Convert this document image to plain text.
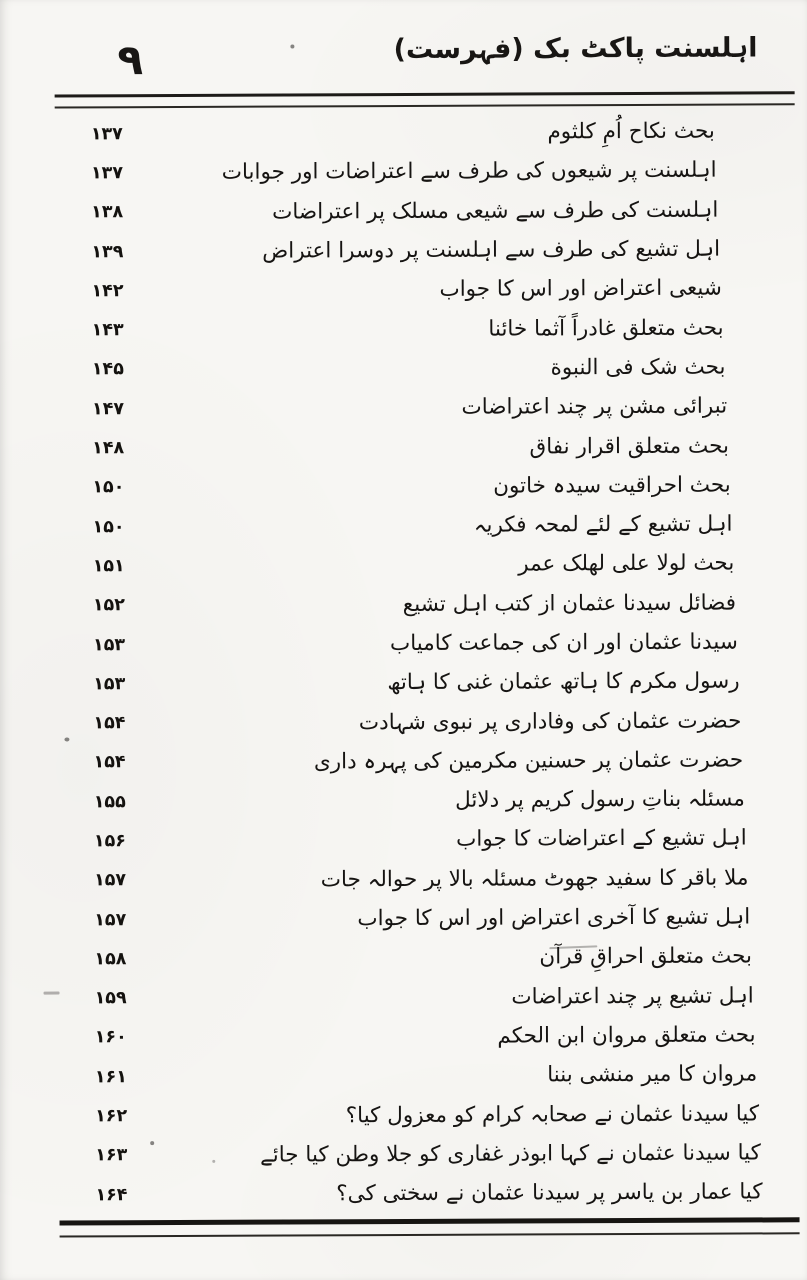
اہلسنت پاکٹ بک (فہرست)
۹
۱۳۷	بحث نکاح اُمِ کلثوم
۱۳۷	اہلسنت پر شیعوں کی طرف سے اعتراضات اور جوابات
۱۳۸	اہلسنت کی طرف سے شیعی مسلک پر اعتراضات
۱۳۹	اہل تشیع کی طرف سے اہلسنت پر دوسرا اعتراض
۱۴۲	شیعی اعتراض اور اس کا جواب
۱۴۳	بحث متعلق غادراً آثما خائنا
۱۴۵	بحث شک فی النبوة
۱۴۷	تبرائی مشن پر چند اعتراضات
۱۴۸	بحث متعلق اقرار نفاق
۱۵۰	بحث احراقیت سیدہ خاتون
۱۵۰	اہل تشیع کے لئے لمحہ فکریہ
۱۵۱	بحث لولا علی لھلک عمر
۱۵۲	فضائل سیدنا عثمان از کتب اہل تشیع
۱۵۳	سیدنا عثمان اور ان کی جماعت کامیاب
۱۵۳	رسول مکرم کا ہاتھ عثمان غنی کا ہاتھ
۱۵۴	حضرت عثمان کی وفاداری پر نبوی شہادت
۱۵۴	حضرت عثمان پر حسنین مکرمین کی پہرہ داری
۱۵۵	مسئلہ بناتِ رسول کریم پر دلائل
۱۵۶	اہل تشیع کے اعتراضات کا جواب
۱۵۷	ملا باقر کا سفید جھوٹ مسئلہ بالا پر حوالہ جات
۱۵۷	اہل تشیع کا آخری اعتراض اور اس کا جواب
۱۵۸	بحث متعلق احراقِ قرآن
۱۵۹	اہل تشیع پر چند اعتراضات
۱۶۰	بحث متعلق مروان ابن الحکم
۱۶۱	مروان کا میر منشی بننا
۱۶۲	کیا سیدنا عثمان نے صحابہ کرام کو معزول کیا؟
۱۶۳	کیا سیدنا عثمان نے کہا ابوذر غفاری کو جلا وطن کیا جائے
۱۶۴	کیا عمار بن یاسر پر سیدنا عثمان نے سختی کی؟
